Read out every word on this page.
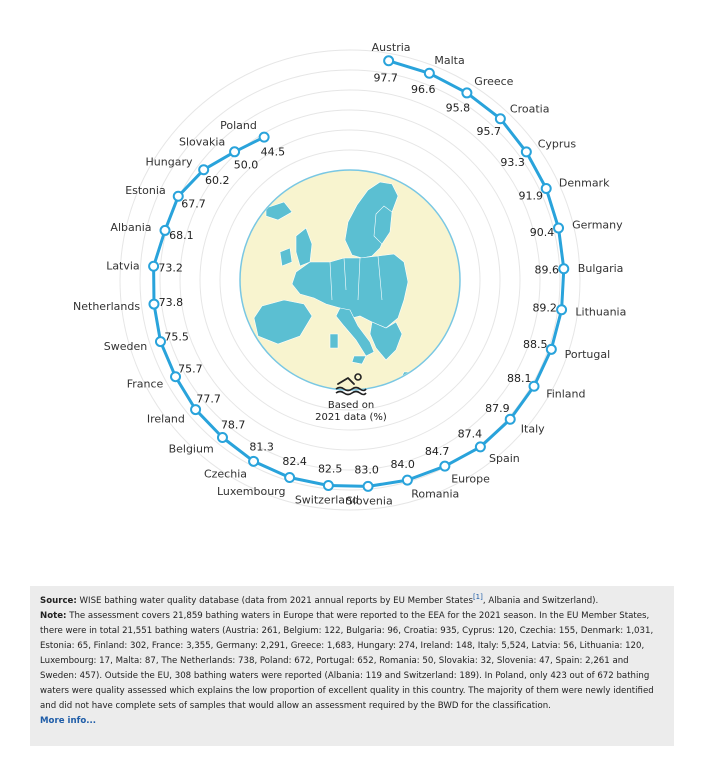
Based on
2021 data (%)
97.7
Austria
96.6
Malta
95.8
Greece
95.7
Croatia
93.3
Cyprus
91.9
Denmark
90.4
Germany
89.6 Bulgaria
89.2 Lithuania
88.5
Portugal
88.1
Finland
87.9
Italy
87.4
Spain
84.7
Europe
84.0
Romania
83.0
Slovenia
82.5
Switzerland
82.4
Luxembourg
81.3
Czechia
78.7
Belgium
77.7
Ireland
75.7
France
75.5
Sweden
73.8
Netherlands
73.2
Latvia
68.1
Albania
67.7
Estonia
60.2
Hungary	50.0
Slovakia
44.5
Poland

Source: WISE bathing water quality database (data from 2021 annual reports by EU Member States[1], Albania and Switzerland).

Note: The assessment covers 21,859 bathing waters in Europe that were reported to the EEA for the 2021 season. In the EU Member States, there were in total 21,551 bathing waters (Austria: 261, Belgium: 122, Bulgaria: 96, Croatia: 935, Cyprus: 120, Czechia: 155, Denmark: 1,031, Estonia: 65, Finland: 302, France: 3,355, Germany: 2,291, Greece: 1,683, Hungary: 274, Ireland: 148, Italy: 5,524, Latvia: 56, Lithuania: 120, Luxembourg: 17, Malta: 87, The Netherlands: 738, Poland: 672, Portugal: 652, Romania: 50, Slovakia: 32, Slovenia: 47, Spain: 2,261 and Sweden: 457). Outside the EU, 308 bathing waters were reported (Albania: 119 and Switzerland: 189). In Poland, only 423 out of 672 bathing waters were quality assessed which explains the low proportion of excellent quality in this country. The majority of them were newly identified and did not have complete sets of samples that would allow an assessment required by the BWD for the classification.

More info...
